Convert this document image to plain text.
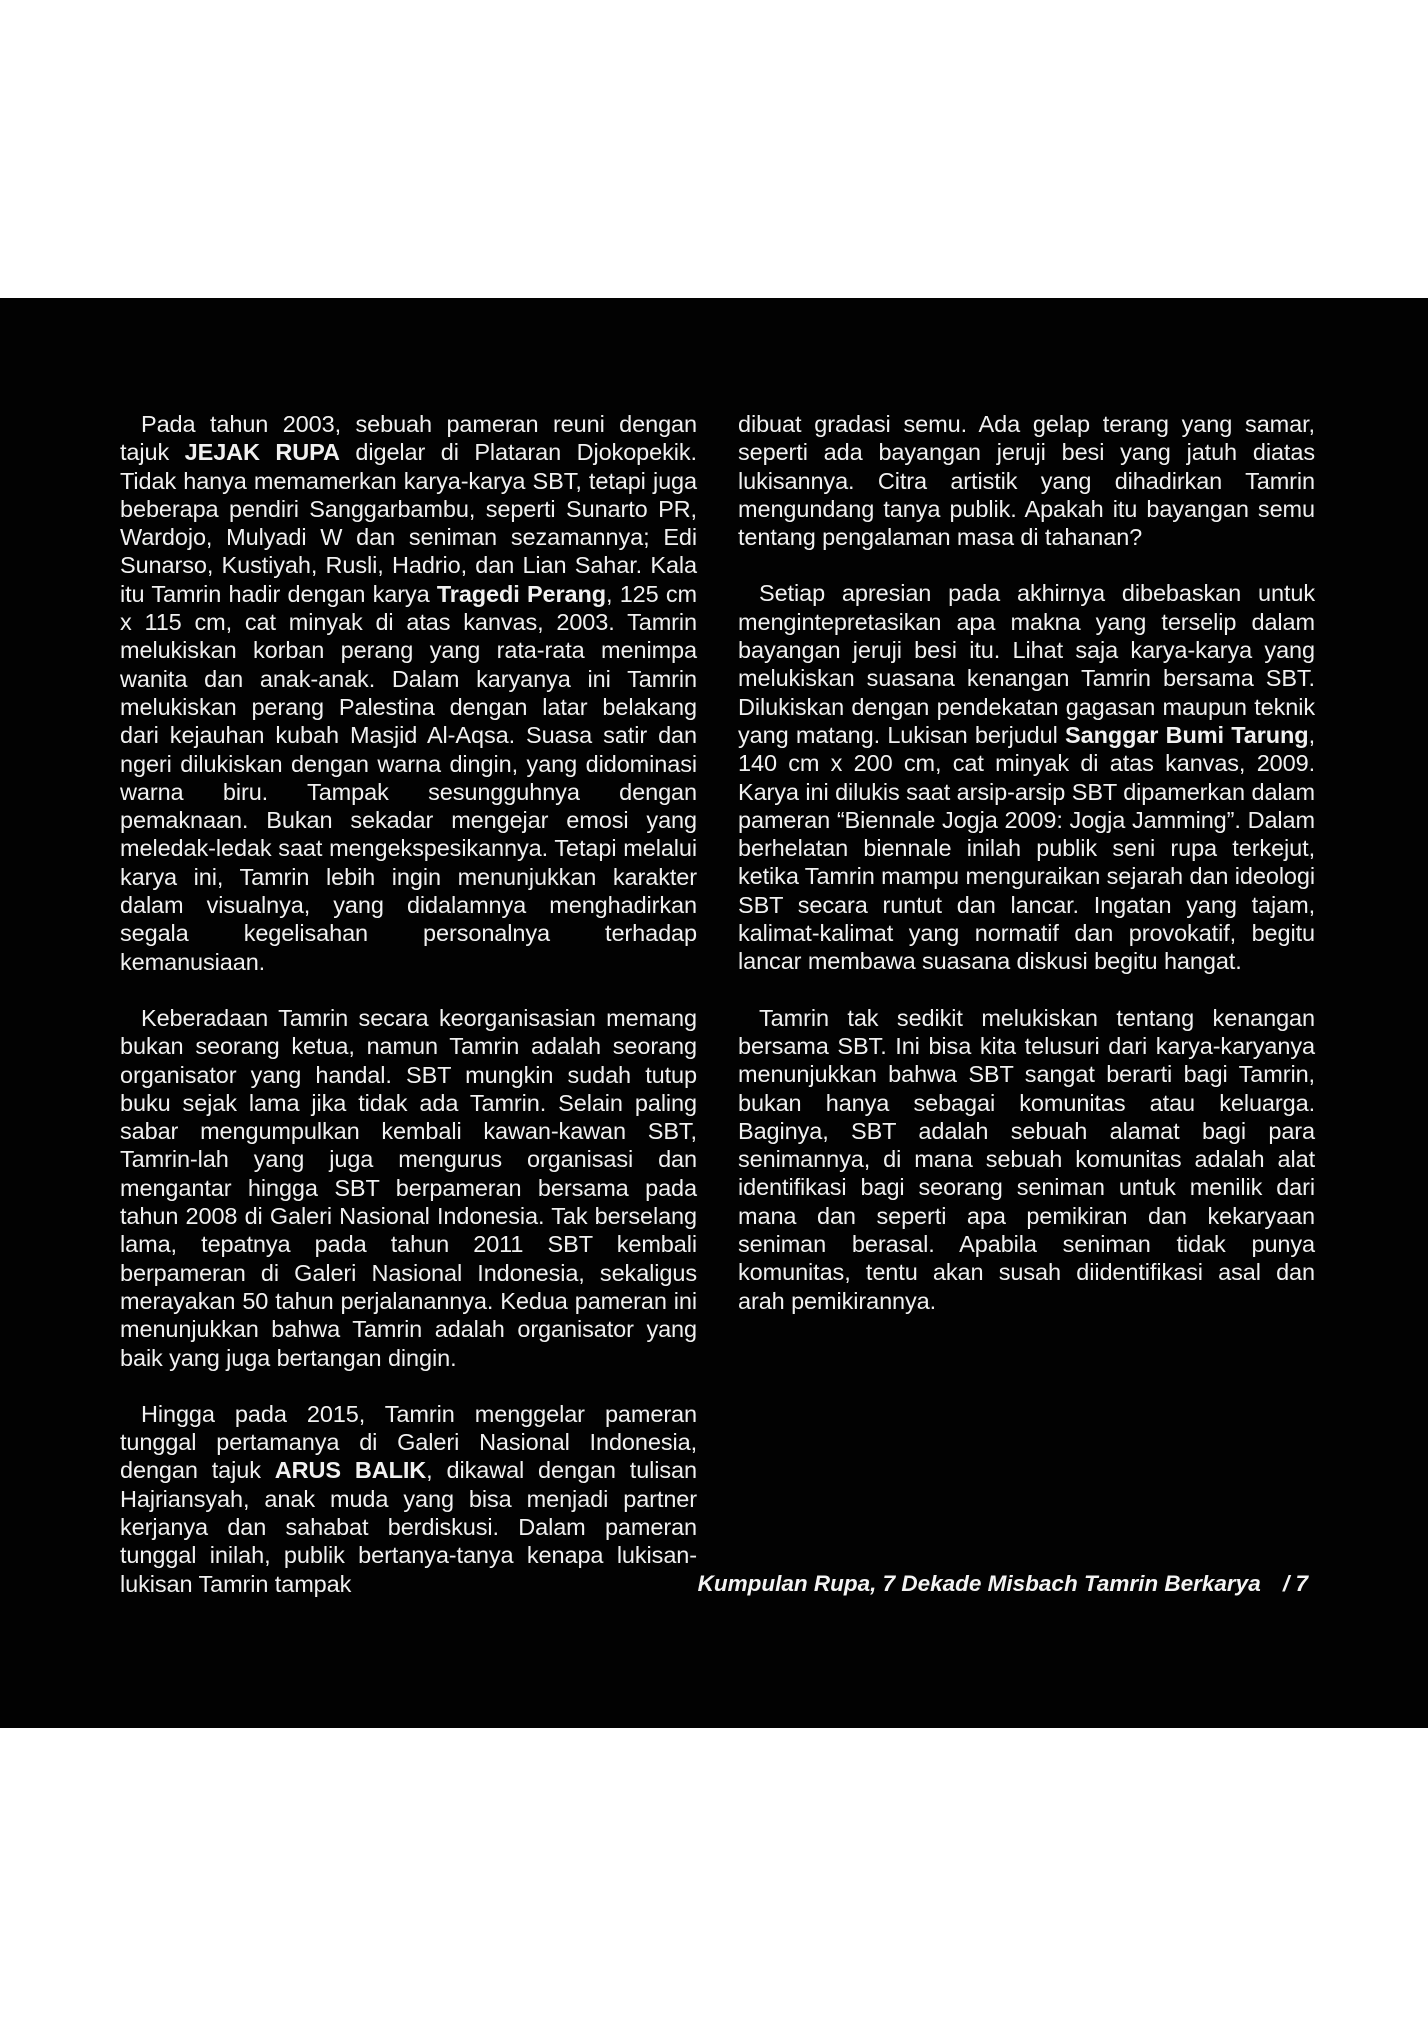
Pada tahun 2003, sebuah pameran reuni dengan tajuk JEJAK RUPA digelar di Plataran Djokopekik. Tidak hanya memamerkan karya-karya SBT, tetapi juga beberapa pendiri Sanggarbambu, seperti Sunarto PR, Wardojo, Mulyadi W dan seniman sezamannya; Edi Sunarso, Kustiyah, Rusli, Hadrio, dan Lian Sahar. Kala itu Tamrin hadir dengan karya Tragedi Perang, 125 cm x 115 cm, cat minyak di atas kanvas, 2003. Tamrin melukiskan korban perang yang rata-rata menimpa wanita dan anak-anak. Dalam karyanya ini Tamrin melukiskan perang Palestina dengan latar belakang dari kejauhan kubah Masjid Al-Aqsa. Suasa satir dan ngeri dilukiskan dengan warna dingin, yang didominasi warna biru. Tampak sesungguhnya dengan pemaknaan. Bukan sekadar mengejar emosi yang meledak-ledak saat mengekspesikannya. Tetapi melalui karya ini, Tamrin lebih ingin menunjukkan karakter dalam visualnya, yang didalamnya menghadirkan segala kegelisahan personalnya terhadap kemanusiaan.

Keberadaan Tamrin secara keorganisasian memang bukan seorang ketua, namun Tamrin adalah seorang organisator yang handal. SBT mungkin sudah tutup buku sejak lama jika tidak ada Tamrin. Selain paling sabar mengumpulkan kembali kawan-kawan SBT, Tamrin-lah yang juga mengurus organisasi dan mengantar hingga SBT berpameran bersama pada tahun 2008 di Galeri Nasional Indonesia. Tak berselang lama, tepatnya pada tahun 2011 SBT kembali berpameran di Galeri Nasional Indonesia, sekaligus merayakan 50 tahun perjalanannya. Kedua pameran ini menunjukkan bahwa Tamrin adalah organisator yang baik yang juga bertangan dingin.

Hingga pada 2015, Tamrin menggelar pameran tunggal pertamanya di Galeri Nasional Indonesia, dengan tajuk ARUS BALIK, dikawal dengan tulisan Hajriansyah, anak muda yang bisa menjadi partner kerjanya dan sahabat berdiskusi. Dalam pameran tunggal inilah, publik bertanya-tanya kenapa lukisan-lukisan Tamrin tampak

dibuat gradasi semu. Ada gelap terang yang samar, seperti ada bayangan jeruji besi yang jatuh diatas lukisannya. Citra artistik yang dihadirkan Tamrin mengundang tanya publik. Apakah itu bayangan semu tentang pengalaman masa di tahanan?

Setiap apresian pada akhirnya dibebaskan untuk mengintepretasikan apa makna yang terselip dalam bayangan jeruji besi itu. Lihat saja karya-karya yang melukiskan suasana kenangan Tamrin bersama SBT. Dilukiskan dengan pendekatan gagasan maupun teknik yang matang. Lukisan berjudul Sanggar Bumi Tarung, 140 cm x 200 cm, cat minyak di atas kanvas, 2009. Karya ini dilukis saat arsip-arsip SBT dipamerkan dalam pameran “Biennale Jogja 2009: Jogja Jamming”. Dalam berhelatan biennale inilah publik seni rupa terkejut, ketika Tamrin mampu menguraikan sejarah dan ideologi SBT secara runtut dan lancar. Ingatan yang tajam, kalimat-kalimat yang normatif dan provokatif, begitu lancar membawa suasana diskusi begitu hangat.

Tamrin tak sedikit melukiskan tentang kenangan bersama SBT. Ini bisa kita telusuri dari karya-karyanya menunjukkan bahwa SBT sangat berarti bagi Tamrin, bukan hanya sebagai komunitas atau keluarga. Baginya, SBT adalah sebuah alamat bagi para senimannya, di mana sebuah komunitas adalah alat identifikasi bagi seorang seniman untuk menilik dari mana dan seperti apa pemikiran dan kekaryaan seniman berasal. Apabila seniman tidak punya komunitas, tentu akan susah diidentifikasi asal dan arah pemikirannya.

Kumpulan Rupa, 7 Dekade Misbach Tamrin Berkarya / 7
